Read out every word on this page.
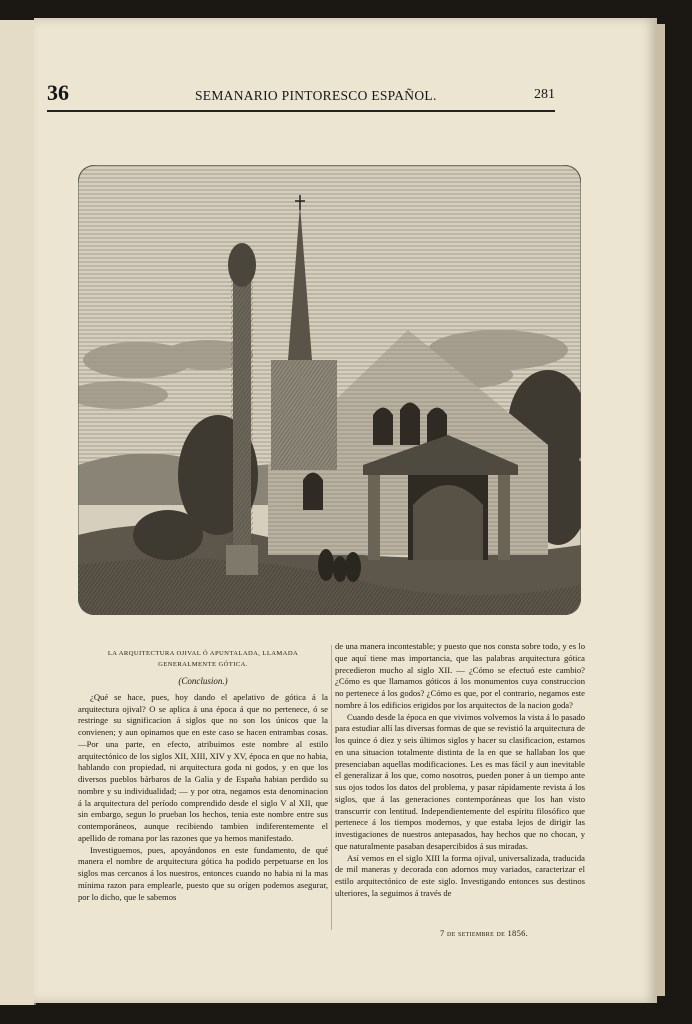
36	SEMANARIO PINTORESCO ESPAÑOL.	281
LA ARQUITECTURA OJIVAL Ó APUNTALADA, LLAMADA GENERALMENTE GÓTICA.
(Conclusion.)

¿Qué se hace, pues, hoy dando el apelativo de gótica á la arquitectura ojival? O se aplica á una época á que no pertenece, ó se restringe su significacion á siglos que no son los únicos que la convienen; y aun opinamos que en este caso se hacen entrambas cosas. —Por una parte, en efecto, atribuimos este nombre al estilo arquitectónico de los siglos XII, XIII, XIV y XV, época en que no habia, hablando con propiedad, ni arquitectura goda ni godos, y en que los diversos pueblos bárbaros de la Galia y de España habian perdido su nombre y su individualidad; — y por otra, negamos esta denominacion á la arquitectura del período comprendido desde el siglo V al XII, que sin embargo, segun lo prueban los hechos, tenia este nombre entre sus contemporáneos, aunque recibiendo tambien indiferentemente el apellido de romana por las razones que ya hemos manifestado.

Investiguemos, pues, apoyándonos en este fundamento, de qué manera el nombre de arquitectura gótica ha podido perpetuarse en los siglos mas cercanos á los nuestros, entonces cuando no habia ni la mas mínima razon para emplearle, puesto que su orígen podemos asegurar, por lo dicho, que le sabemos

de una manera incontestable; y puesto que nos consta sobre todo, y es lo que aquí tiene mas importancia, que las palabras arquitectura gótica precedieron mucho al siglo XII. — ¿Cómo se efectuó este cambio? ¿Cómo es que llamamos góticos á los monumentos cuya construccion no pertenece á los godos? ¿Cómo es que, por el contrario, negamos este nombre á los edificios erigidos por los arquitectos de la nacion goda?

Cuando desde la época en que vivimos volvemos la vista á lo pasado para estudiar allí las diversas formas de que se revistió la arquitectura de los quince ó diez y seis últimos siglos y hacer su clasificacion, estamos en una situacion totalmente distinta de la en que se hallaban los que presenciaban aquellas modificaciones. Les es mas fácil y aun inevitable el generalizar á los que, como nosotros, pueden poner á un tiempo ante sus ojos todos los datos del problema, y pasar rápidamente revista á los siglos, que á las generaciones contemporáneas que los han visto transcurrir con lentitud. Independientemente del espíritu filosófico que pertenece á los tiempos modernos, y que estaba lejos de dirigir las investigaciones de nuestros antepasados, hay hechos que no chocan, y que naturalmente pasaban desapercibidos á sus miradas.

Así vemos en el siglo XIII la forma ojival, universalizada, traducida de mil maneras y decorada con adornos muy variados, caracterizar el estilo arquitectónico de este siglo. Investigando entonces sus destinos ulteriores, la seguimos á través de

7 de setiembre de 1856.
